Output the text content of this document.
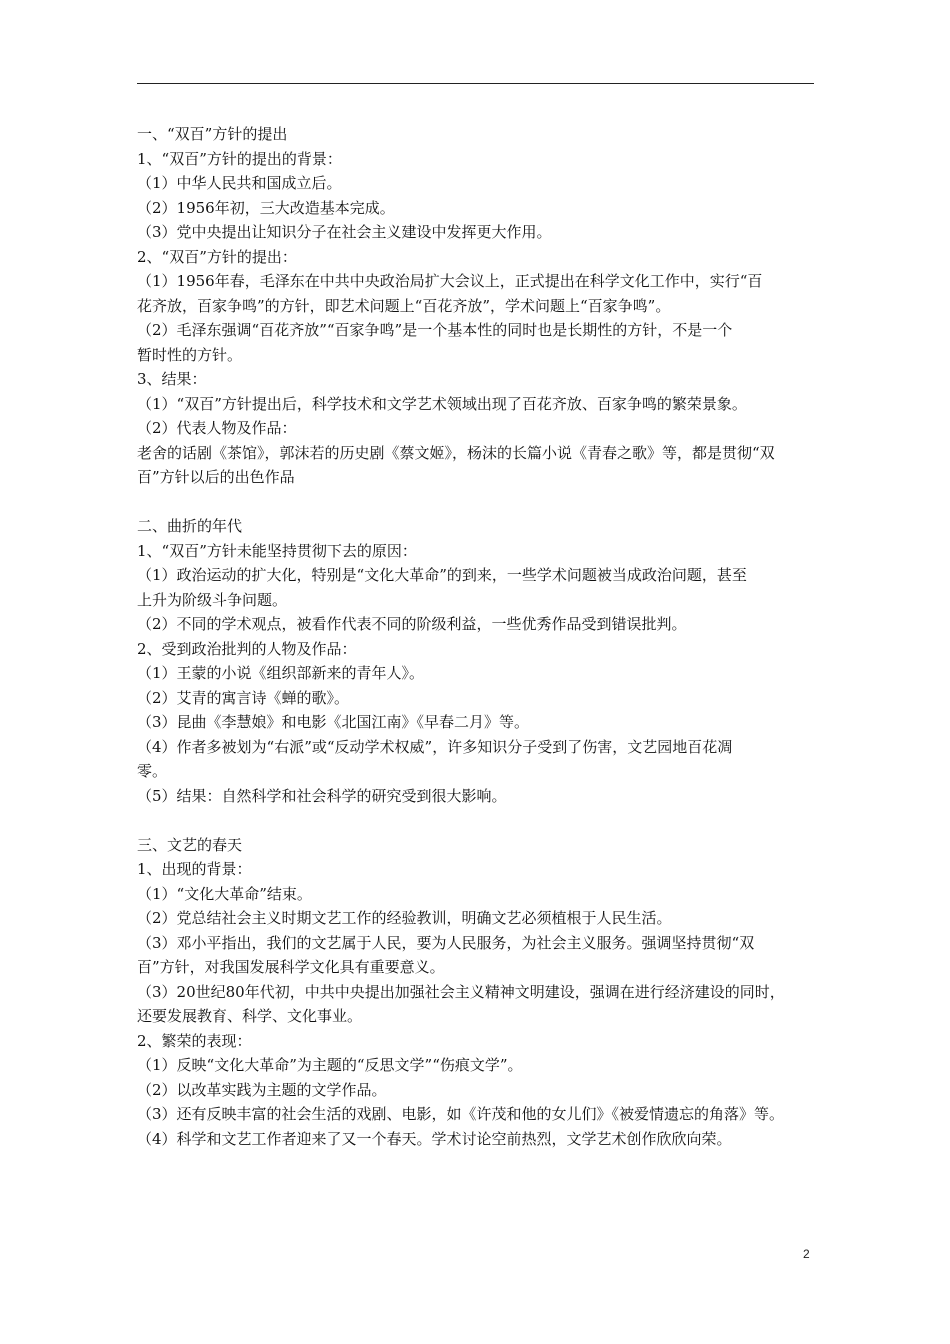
一、“双百”方针的提出
1、“双百”方针的提出的背景：
（1）中华人民共和国成立后。
（2）1956年初，三大改造基本完成。
（3）党中央提出让知识分子在社会主义建设中发挥更大作用。
2、“双百”方针的提出：
（1）1956年春，毛泽东在中共中央政治局扩大会议上，正式提出在科学文化工作中，实行“百
花齐放，百家争鸣”的方针，即艺术问题上“百花齐放”，学术问题上“百家争鸣”。
（2）毛泽东强调“百花齐放”“百家争鸣”是一个基本性的同时也是长期性的方针，不是一个
暂时性的方针。
3、结果：
（1）“双百”方针提出后，科学技术和文学艺术领域出现了百花齐放、百家争鸣的繁荣景象。
（2）代表人物及作品：
老舍的话剧《茶馆》，郭沫若的历史剧《蔡文姬》，杨沫的长篇小说《青春之歌》等，都是贯彻“双
百”方针以后的出色作品
二、曲折的年代
1、“双百”方针未能坚持贯彻下去的原因：
（1）政治运动的扩大化，特别是“文化大革命”的到来，一些学术问题被当成政治问题，甚至
上升为阶级斗争问题。
（2）不同的学术观点，被看作代表不同的阶级利益，一些优秀作品受到错误批判。
2、受到政治批判的人物及作品：
（1）王蒙的小说《组织部新来的青年人》。
（2）艾青的寓言诗《蝉的歌》。
（3）昆曲《李慧娘》和电影《北国江南》《早春二月》等。
（4）作者多被划为“右派”或“反动学术权威”，许多知识分子受到了伤害，文艺园地百花凋
零。
（5）结果：自然科学和社会科学的研究受到很大影响。
三、文艺的春天
1、出现的背景：
（1）“文化大革命”结束。
（2）党总结社会主义时期文艺工作的经验教训，明确文艺必须植根于人民生活。
（3）邓小平指出，我们的文艺属于人民，要为人民服务，为社会主义服务。强调坚持贯彻“双
百”方针，对我国发展科学文化具有重要意义。
（3）20世纪80年代初，中共中央提出加强社会主义精神文明建设，强调在进行经济建设的同时，
还要发展教育、科学、文化事业。
2、繁荣的表现：
（1）反映“文化大革命”为主题的“反思文学”“伤痕文学”。
（2）以改革实践为主题的文学作品。
（3）还有反映丰富的社会生活的戏剧、电影，如《许茂和他的女儿们》《被爱情遗忘的角落》等。
（4）科学和文艺工作者迎来了又一个春天。学术讨论空前热烈，文学艺术创作欣欣向荣。
2
